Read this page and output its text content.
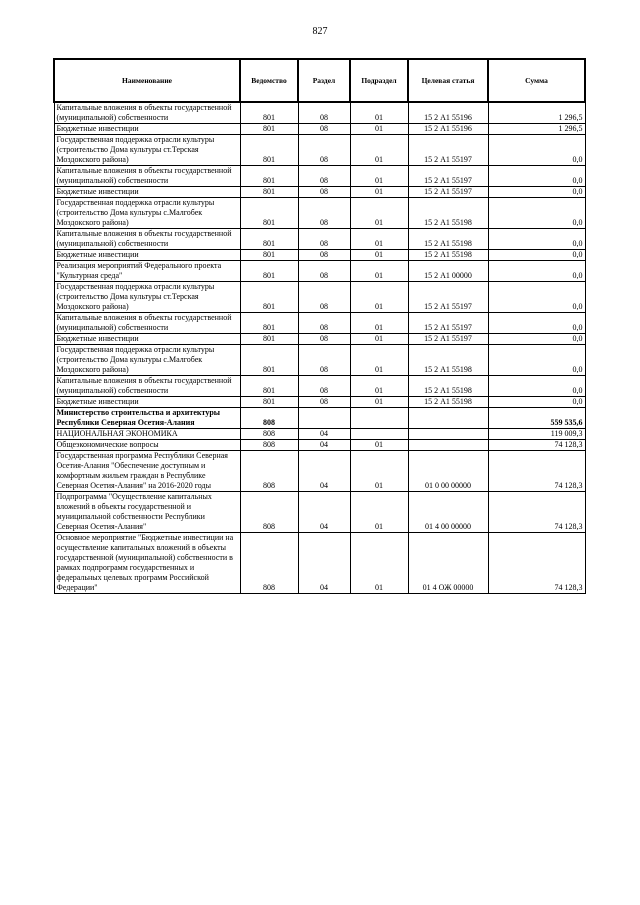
827
Наименование	Ведомство	Раздел	Подраздел	Целевая статья	Сумма
Капитальные вложения в объекты государственной (муниципальной) собственности	801	08	01	15 2 А1 55196	1 296,5
Бюджетные инвестиции	801	08	01	15 2 А1 55196	1 296,5
Государственная поддержка отрасли культуры (строительство Дома культуры ст.Терская Моздокского района)	801	08	01	15 2 А1 55197	0,0
Капитальные вложения в объекты государственной (муниципальной) собственности	801	08	01	15 2 А1 55197	0,0
Бюджетные инвестиции	801	08	01	15 2 А1 55197	0,0
Государственная поддержка отрасли культуры (строительство Дома культуры с.Малгобек Моздокского района)	801	08	01	15 2 А1 55198	0,0
Капитальные вложения в объекты государственной (муниципальной) собственности	801	08	01	15 2 А1 55198	0,0
Бюджетные инвестиции	801	08	01	15 2 А1 55198	0,0
Реализация мероприятий Федерального проекта "Культурная среда"	801	08	01	15 2 А1 00000	0,0
Государственная поддержка отрасли культуры (строительство Дома культуры ст.Терская Моздокского района)	801	08	01	15 2 А1 55197	0,0
Капитальные вложения в объекты государственной (муниципальной) собственности	801	08	01	15 2 А1 55197	0,0
Бюджетные инвестиции	801	08	01	15 2 А1 55197	0,0
Государственная поддержка отрасли культуры (строительство Дома культуры с.Малгобек Моздокского района)	801	08	01	15 2 А1 55198	0,0
Капитальные вложения в объекты государственной (муниципальной) собственности	801	08	01	15 2 А1 55198	0,0
Бюджетные инвестиции	801	08	01	15 2 А1 55198	0,0
Министерство строительства и архитектуры Республики Северная Осетия-Алания	808				559 535,6
НАЦИОНАЛЬНАЯ ЭКОНОМИКА	808	04			119 009,3
Общеэкономические вопросы	808	04	01		74 128,3
Государственная программа Республики Северная Осетия-Алания "Обеспечение доступным и комфортным жильем граждан в Республике Северная Осетия-Алания" на 2016-2020 годы	808	04	01	01 0 00 00000	74 128,3
Подпрограмма "Осуществление капитальных вложений в объекты государственной и муниципальной собственности Республики Северная Осетия-Алания"	808	04	01	01 4 00 00000	74 128,3
Основное мероприятие "Бюджетные инвестиции на осуществление капитальных вложений в объекты государственной (муниципальной) собственности в рамках подпрограмм государственных и федеральных целевых программ Российской Федерации"	808	04	01	01 4 ОЖ 00000	74 128,3
